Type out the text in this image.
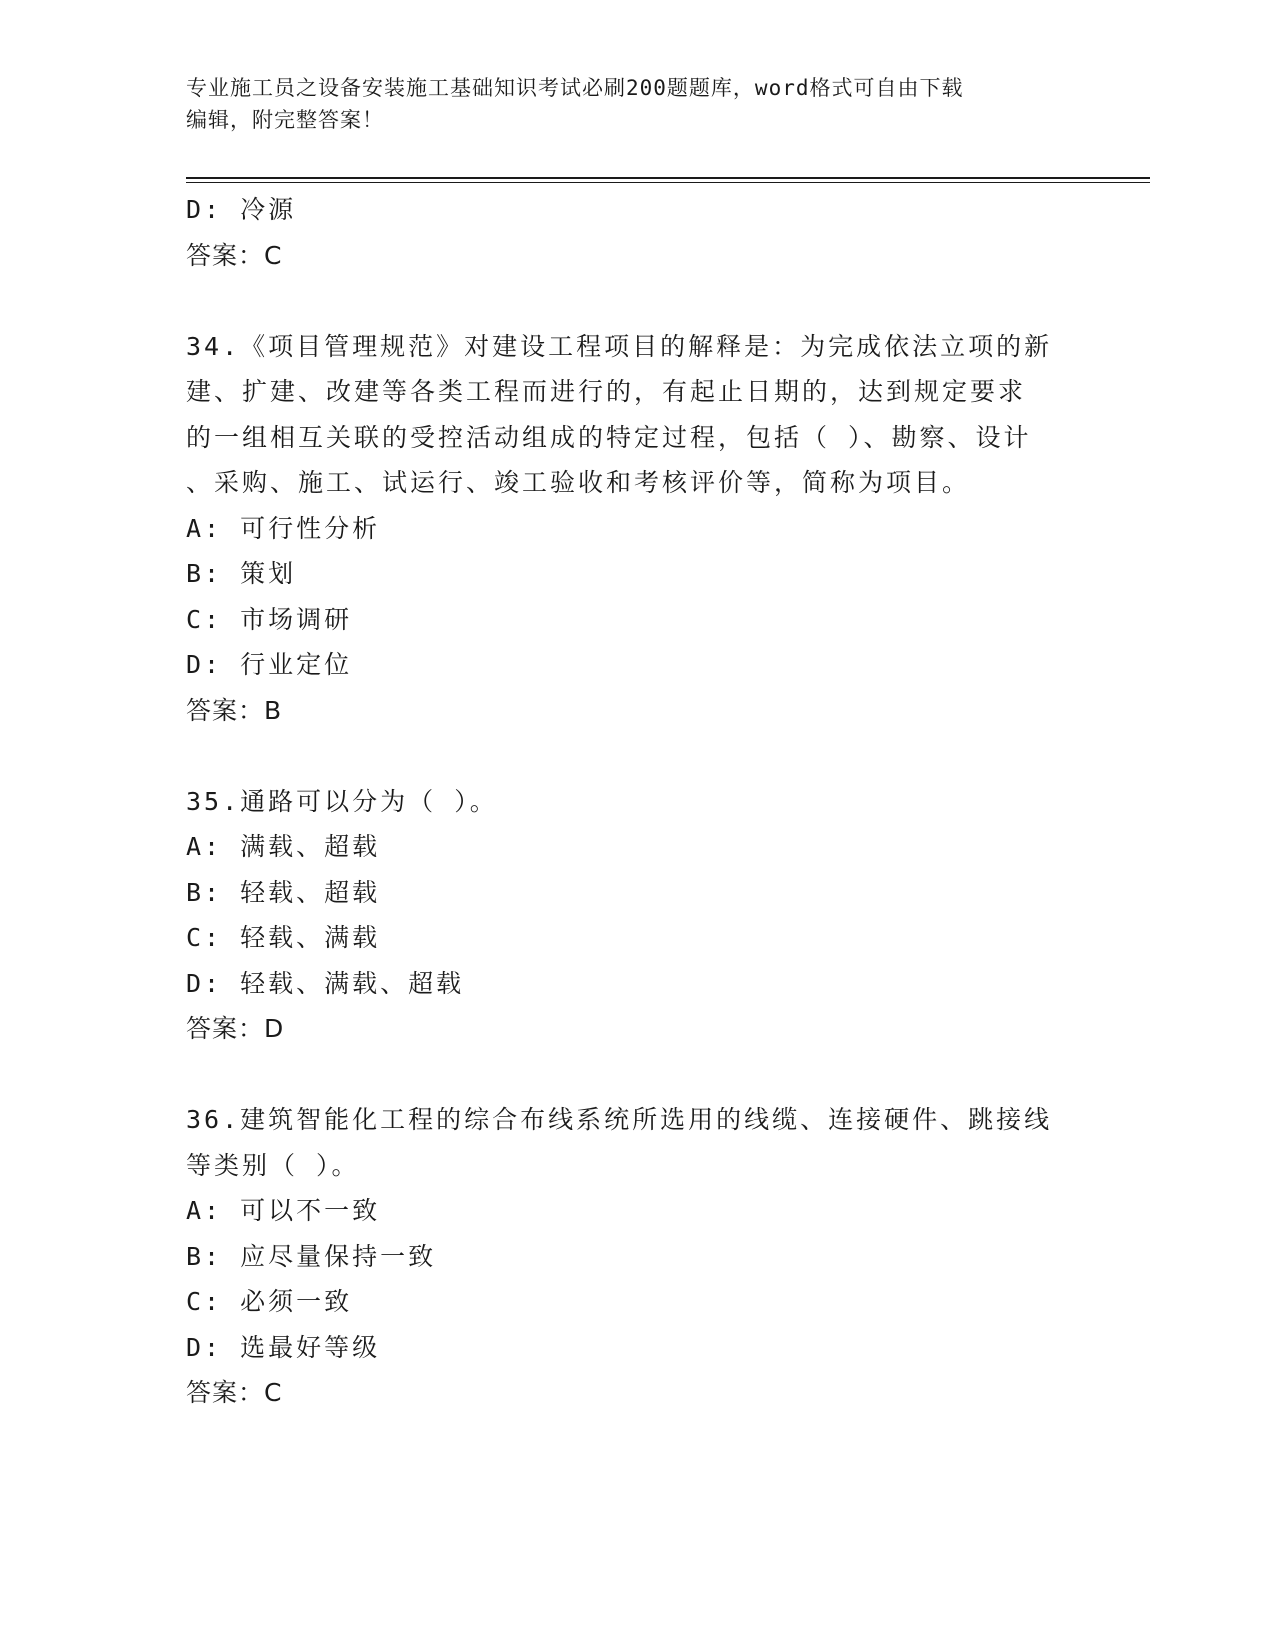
专业施工员之设备安装施工基础知识考试必刷200题题库，word格式可自由下载
编辑，附完整答案！
D: 冷源
答案：C
34.《项目管理规范》对建设工程项目的解释是：为完成依法立项的新
建、扩建、改建等各类工程而进行的，有起止日期的，达到规定要求
的一组相互关联的受控活动组成的特定过程，包括（ ）、勘察、设计
、采购、施工、试运行、竣工验收和考核评价等，简称为项目。
A: 可行性分析
B: 策划
C: 市场调研
D: 行业定位
答案：B
35.通路可以分为（ ）。
A: 满载、超载
B: 轻载、超载
C: 轻载、满载
D: 轻载、满载、超载
答案：D
36.建筑智能化工程的综合布线系统所选用的线缆、连接硬件、跳接线
等类别（ ）。
A: 可以不一致
B: 应尽量保持一致
C: 必须一致
D: 选最好等级
答案：C
